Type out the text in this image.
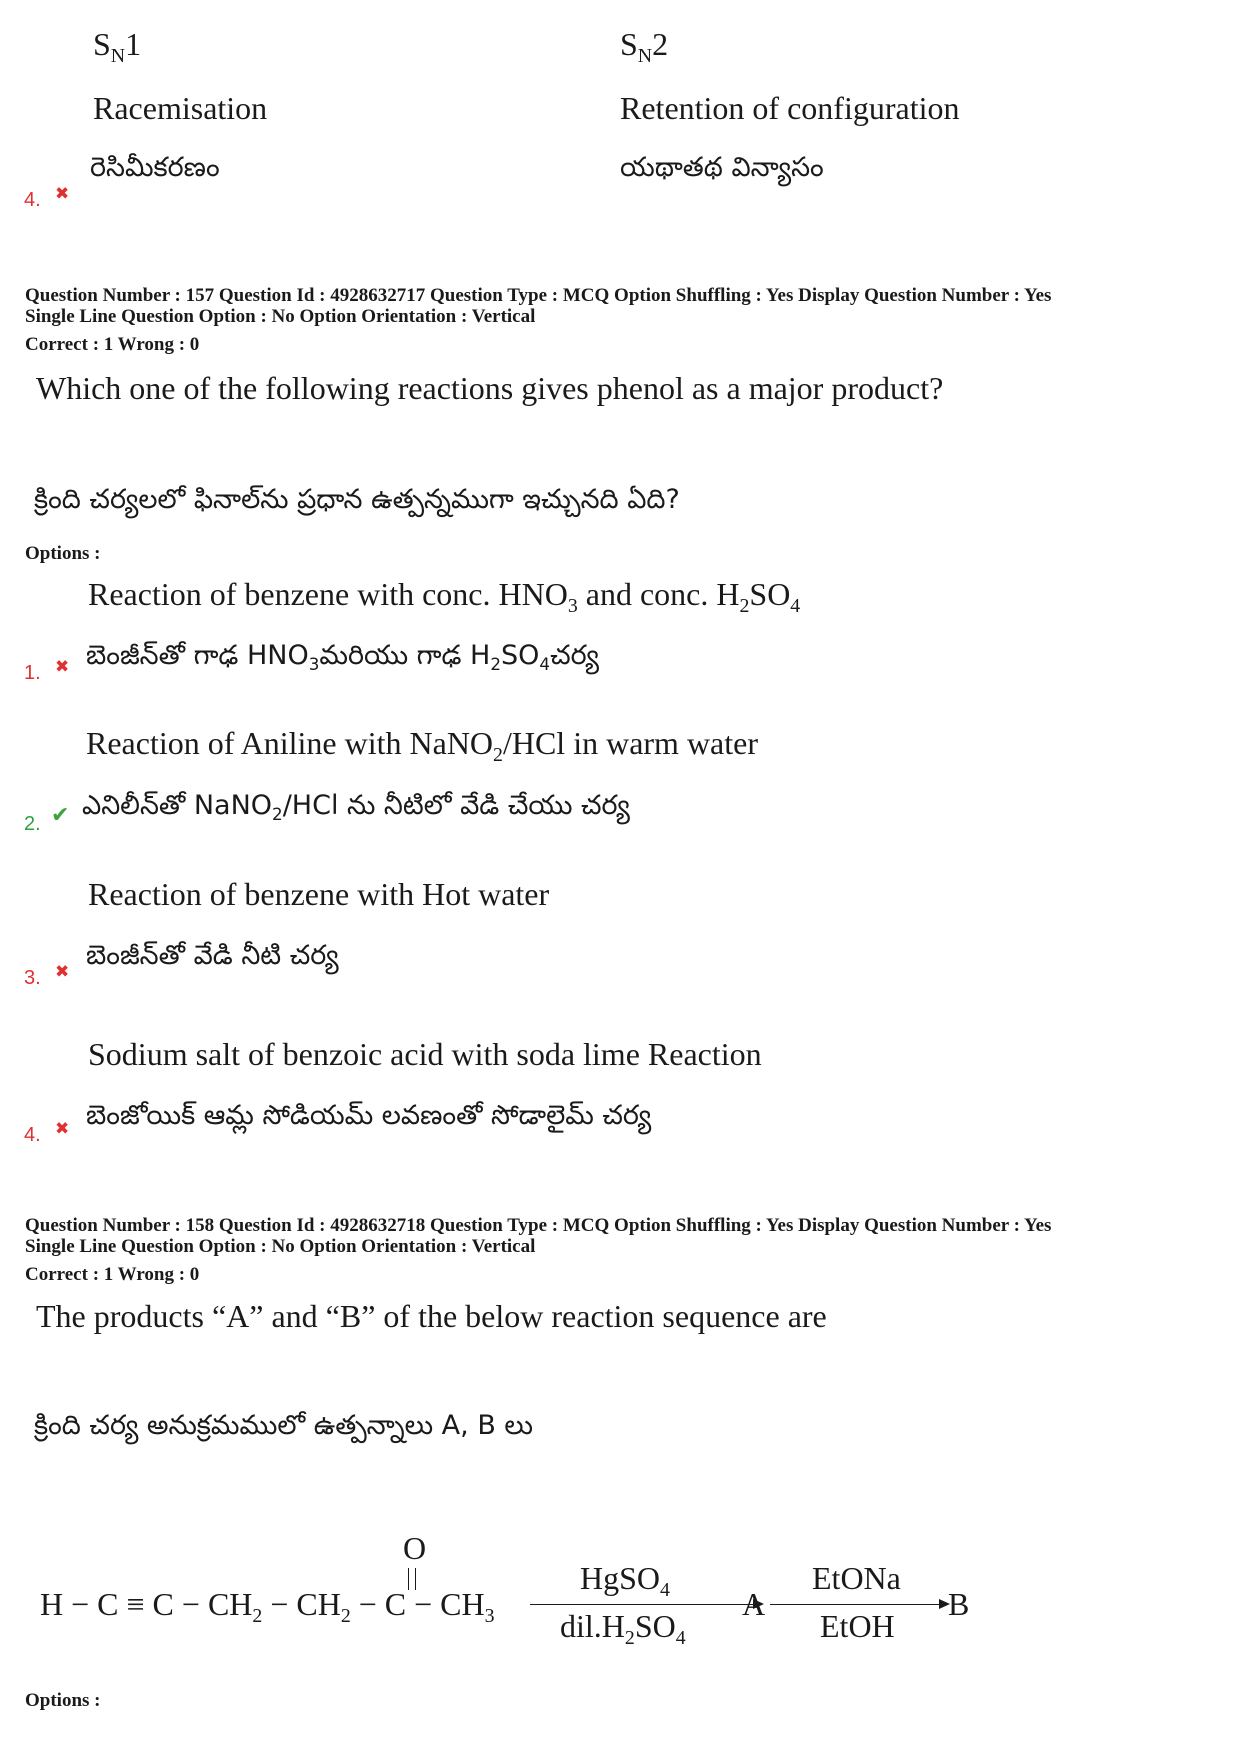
$S_N1$	$S_N2$
Racemisation	Retention of configuration
రెసిమీకరణం	యథాతథ విన్యాసం
4. ✖
Question Number : 157 Question Id : 4928632717 Question Type : MCQ Option Shuffling : Yes Display Question Number : Yes
Single Line Question Option : No Option Orientation : Vertical
Correct : 1 Wrong : 0
Which one of the following reactions gives phenol as a major product?
క్రింది చర్యలలో ఫినాల్‌ను ప్రధాన ఉత్పన్నముగా ఇచ్చునది ఏది?
Options :
Reaction of benzene with conc. $HNO_3$ and conc. $H_2SO_4$
బెంజీన్‌తో గాఢ $HNO_3మరియు$ గాఢ $H_2SO_4చర్య$
1. ✖
Reaction of Aniline with NaNO$_2$/HCl in warm water
ఎనిలీన్‌తో NaNO$_2$/HCl ను నీటిలో వేడి చేయు చర్య
2. ✔
Reaction of benzene with Hot water
బెంజీన్‌తో వేడి నీటి చర్య
3. ✖
Sodium salt of benzoic acid with soda lime Reaction
బెంజోయిక్ ఆమ్ల సోడియమ్ లవణంతో సోడాలైమ్ చర్య
4. ✖
Question Number : 158 Question Id : 4928632718 Question Type : MCQ Option Shuffling : Yes Display Question Number : Yes
Single Line Question Option : No Option Orientation : Vertical
Correct : 1 Wrong : 0
The products “A” and “B” of the below reaction sequence are
క్రింది చర్య అనుక్రమములో ఉత్పన్నాలు A, B లు
O
$H - C \equiv C - CH_2 - CH_2 - C - CH_3$
HgSO$_4$
$dil.H_2SO_4$
A
EtONa
EtOH
B
Options :
